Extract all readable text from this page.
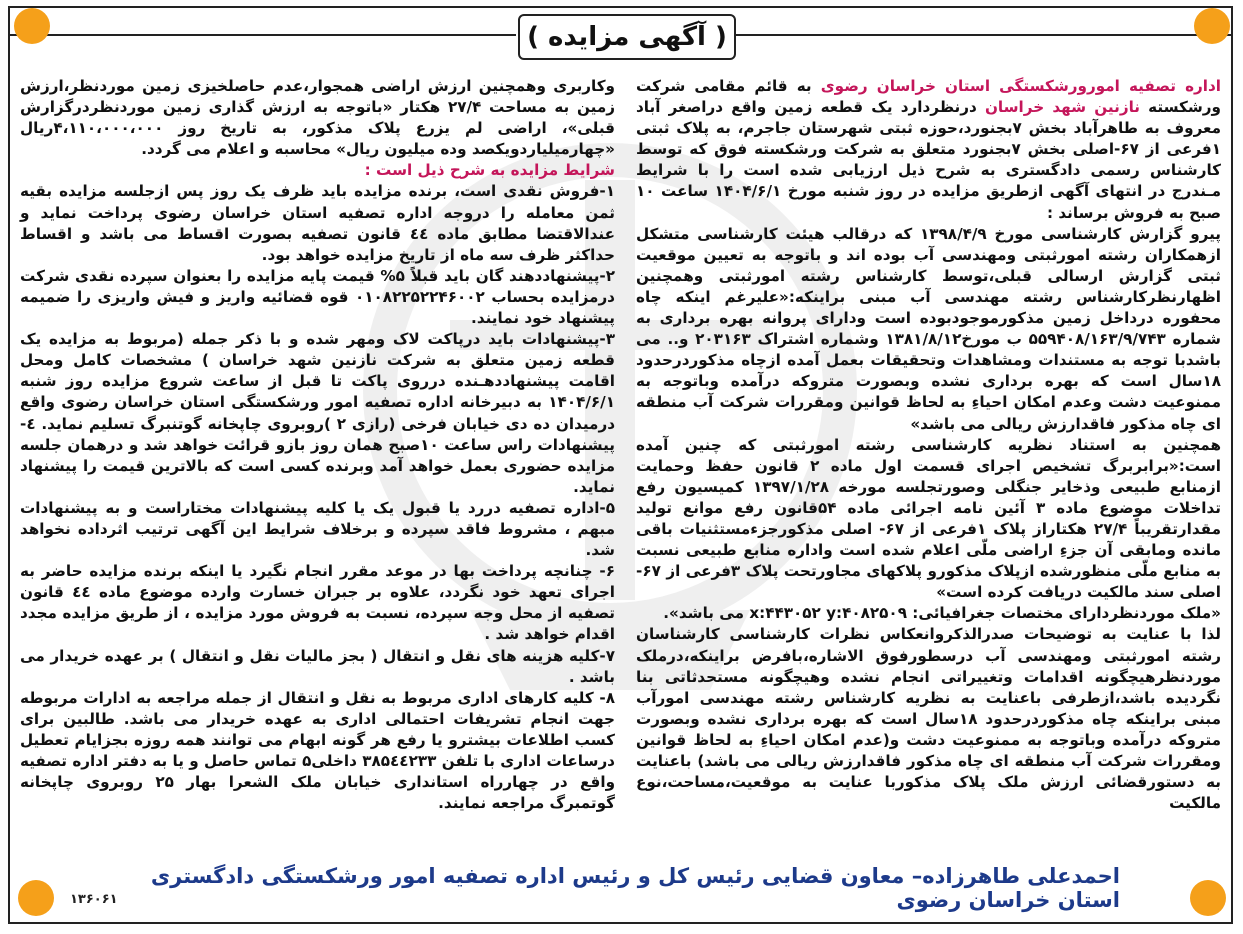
( آگهی مزایده )

اداره تصفیه امورورشکستگی استان خراسان رضوی به قائم مقامی شرکت ورشکسته نازنین شهد خراسان درنظردارد یک قطعه زمین واقع دراصغر آباد معروف به طاهرآباد بخش ۷بجنورد،حوزه ثبتی شهرستان جاجرم، به پلاک ثبتی ۱فرعی از ۶۷-اصلی بخش ۷بجنورد متعلق به شرکت ورشکسته فوق که توسط کارشناس رسمی دادگستری به شرح ذیل ارزیابی شده است را با شرایط مـندرج در انتهای آگهی ازطریق مزایده در روز شنبه مورخ ۱۴۰۴/۶/۱ ساعت ۱۰ صبح به فروش برساند :

پیرو گزارش کارشناسی مورخ ۱۳۹۸/۴/۹ که درقالب هیئت کارشناسی متشکل ازهمکاران رشته امورثبتی ومهندسی آب بوده اند و باتوجه به تعیین موقعیت ثبتی گزارش ارسالی قبلی،توسط کارشناس رشته امورثبتی وهمچنین اظهارنظرکارشناس رشته مهندسی آب مبنی براینکه:«علیرغم اینکه چاه محفوره درداخل زمین مذکورموجودبوده است ودارای پروانه بهره برداری به شماره ۵۵۹۴۰۸/۱۶۳/۹/۷۴۳ ب مورخ۱۳۸۱/۸/۱۲ وشماره اشتراک ۲۰۳۱۶۳ و.. می باشدبا توجه به مستندات ومشاهدات وتحقیقات بعمل آمده ازچاه مذکوردرحدود ۱۸سال است که بهره برداری نشده وبصورت متروکه درآمده وباتوجه به ممنوعیت دشت وعدم امکان احیاءِ به لحاظ قوانین ومقررات شرکت آب منطقه ای چاه مذکور فاقدارزش ریالی می باشد»

همچنین به استناد نظریه کارشناسی رشته امورثبتی که چنین آمده است:«برابربرگ تشخیص اجرای قسمت اول ماده ۲ قانون حفظ وحمایت ازمنابع طبیعی وذخایر جنگلی وصورتجلسه مورخه ۱۳۹۷/۱/۲۸ کمیسیون رفع تداخلات موضوع ماده ۳ آئین نامه اجرائی ماده ۵۴قانون رفع موانع تولید مقدارتقریباً ۲۷/۴ هکتاراز پلاک ۱فرعی از ۶۷- اصلی مذکورجزءمستثنیات باقی مانده ومابقی آن جزءِ اراضی ملّی اعلام شده است واداره منابع طبیعی نسبت به منابع ملّی منظورشده ازپلاک مذکورو پلاکهای مجاورتحت پلاک ۳فرعی از ۶۷-اصلی سند مالکیت دریافت کرده است»

«ملک موردنظردارای مختصات جغرافیائی: x:۴۴۳۰۵۲ y:۴۰۸۲۵۰۹ می باشد».

لذا با عنایت به توضیحات صدرالذکروانعکاس نظرات کارشناسی کارشناسان رشته امورثبتی ومهندسی آب درسطورفوق الاشاره،بافرض براینکه،درملک موردنظرهیچگونه اقدامات وتغییراتی انجام نشده وهیچگونه مستحدثاتی بنا نگردیده باشد،ازطرفی باعنایت به نظریه کارشناس رشته مهندسی امورآب مبنی براینکه چاه مذکوردرحدود ۱۸سال است که بهره برداری نشده وبصورت متروکه درآمده وباتوجه به ممنوعیت دشت و(عدم امکان احیاءِ به لحاظ قوانین ومقررات شرکت آب منطقه ای چاه مذکور فاقدارزش ریالی می باشد) باعنایت به دستورقضائی ارزش ملک پلاک مذکوربا عنایت به موقعیت،مساحت،نوع مالکیت

وکاربری وهمچنین ارزش اراضی همجوار،عدم حاصلخیزی زمین موردنظر،ارزش زمین به مساحت ۲۷/۴ هکتار «باتوجه به ارزش گذاری زمین موردنظردرگزارش قبلی»، اراضی لم یزرع پلاک مذکور، به تاریخ روز ۴،۱۱۰،۰۰۰،۰۰۰ریال «چهارمیلیاردویکصد وده میلیون ریال» محاسبه و اعلام می گردد.

شرایط مزایده به شرح ذیل است :

۱-فروش نقدی است، برنده مزایده باید ظرف یک روز پس ازجلسه مزایده بقیه ثمن معامله را دروجه اداره تصفیه استان خراسان رضوی پرداخت نماید و عندالاقتضا مطابق ماده ٤٤ قانون تصفیه بصورت اقساط می باشد و اقساط حداکثر ظرف سه ماه از تاریخ مزایده خواهد بود.

۲-پیشنهاددهند گان باید قبلاً ۵% قیمت پایه مزایده را بعنوان سپرده نقدی شرکت درمزایده بحساب ۰۱۰۸۲۲۵۲۲۴۶۰۰۲ قوه قضائیه واریز و فیش واریزی را ضمیمه پیشنهاد خود نمایند.

۳-پیشنهادات باید درپاکت لاک ومهر شده و با ذکر جمله (مربوط به مزایده یک قطعه زمین متعلق به شرکت نازنین شهد خراسان ) مشخصات کامل ومحل اقامت پیشنهاددهـنده درروی پاکت تا قبل از ساعت شروع مزایده روز شنبه ۱۴۰۴/۶/۱ به دبیرخانه اداره تصفیه امور ورشکستگی استان خراسان رضوی واقع درمیدان ده دی خیابان فرخی (رازی ۲ )روبروی چاپخانه گوتنبرگ تسلیم نماید. ٤- پیشنهادات راس ساعت ۱۰صبح همان روز بازو قرائت خواهد شد و درهمان جلسه مزایده حضوری بعمل خواهد آمد وبرنده کسی است که بالاترین قیمت را پیشنهاد نماید.

۵-اداره تصفیه دررد یا قبول یک یا کلیه پیشنهادات مختاراست و به پیشنهادات مبهم ، مشروط فاقد سپرده و برخلاف شرایط این آگهی ترتیب اثرداده نخواهد شد.

۶- چنانچه پرداخت بها در موعد مقرر انجام نگیرد یا اینکه برنده مزایده حاضر به اجرای تعهد خود نگردد، علاوه بر جبران خسارت وارده موضوع ماده ٤٤ قانون تصفیه از محل وجه سپرده، نسبت به فروش مورد مزایده ، از طریق مزایده مجدد اقدام خواهد شد .

۷-کلیه هزینه های نقل و انتقال ( بجز مالیات نقل و انتقال ) بر عهده خریدار می باشد .

۸- کلیه کارهای اداری مربوط به نقل و انتقال از جمله مراجعه به ادارات مربوطه جهت انجام تشریفات احتمالی اداری به عهده خریدار می باشد. طالبین برای کسب اطلاعات بیشترو یا رفع هر گونه ابهام می توانند همه روزه بجزایام تعطیل درساعات اداری با تلفن ۳۸۵٤٤۲۳۳ داخلی۵ تماس حاصل و یا به دفتر اداره تصفیه واقع در چهارراه استانداری خیابان ملک الشعرا بهار ۲۵ روبروی چاپخانه گوتمبرگ مراجعه نمایند.

احمدعلی طاهرزاده– معاون قضایی رئیس کل و رئیس اداره تصفیه امور ورشکستگی دادگستری استان خراسان رضوی
۱۳۶۰۶۱
